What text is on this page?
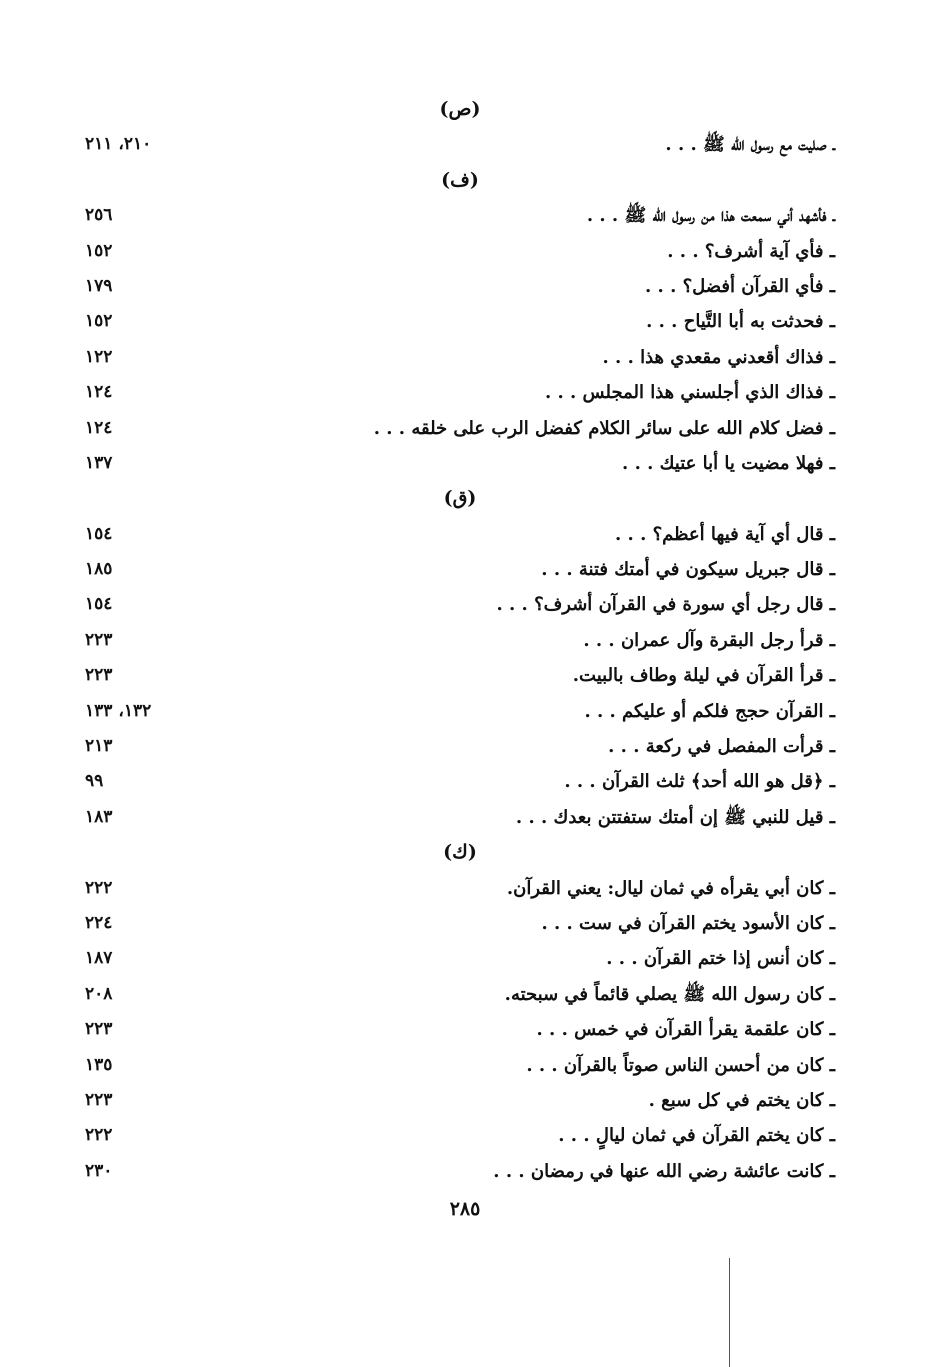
(ص)
ـ صليت مع رسول الله ﷺ . . .
٢١٠، ٢١١
(ف)
ـ فأشهد أني سمعت هذا من رسول الله ﷺ . . .
٢٥٦
ـ فأي آية أشرف؟ . . .
١٥٢
ـ فأي القرآن أفضل؟ . . .
١٧٩
ـ فحدثت به أبا التَّياح . . .
١٥٢
ـ فذاك أقعدني مقعدي هذا . . .
١٢٢
ـ فذاك الذي أجلسني هذا المجلس . . .
١٢٤
ـ فضل كلام الله على سائر الكلام كفضل الرب على خلقه . . .
١٢٤
ـ فهلا مضيت يا أبا عتيك . . .
١٣٧
(ق)
ـ قال أي آية فيها أعظم؟ . . .
١٥٤
ـ قال جبريل سيكون في أمتك فتنة . . .
١٨٥
ـ قال رجل أي سورة في القرآن أشرف؟ . . .
١٥٤
ـ قرأ رجل البقرة وآل عمران . . .
٢٢٣
ـ قرأ القرآن في ليلة وطاف بالبيت.
٢٢٣
ـ القرآن حجج فلكم أو عليكم . . .
١٣٢، ١٣٣
ـ قرأت المفصل في ركعة . . .
٢١٣
ـ ﴿قل هو الله أحد﴾ ثلث القرآن . . .
٩٩
ـ قيل للنبي ﷺ إن أمتك ستفتتن بعدك . . .
١٨٣
(ك)
ـ كان أبي يقرأه في ثمان ليال: يعني القرآن.
٢٢٢
ـ كان الأسود يختم القرآن في ست . . .
٢٢٤
ـ كان أنس إذا ختم القرآن . . .
١٨٧
ـ كان رسول الله ﷺ يصلي قائماً في سبحته.
٢٠٨
ـ كان علقمة يقرأ القرآن في خمس . . .
٢٢٣
ـ كان من أحسن الناس صوتاً بالقرآن . . .
١٣٥
ـ كان يختم في كل سبع .
٢٢٣
ـ كان يختم القرآن في ثمان ليالٍ . . .
٢٢٢
ـ كانت عائشة رضي الله عنها في رمضان . . .
٢٣٠
٢٨٥
